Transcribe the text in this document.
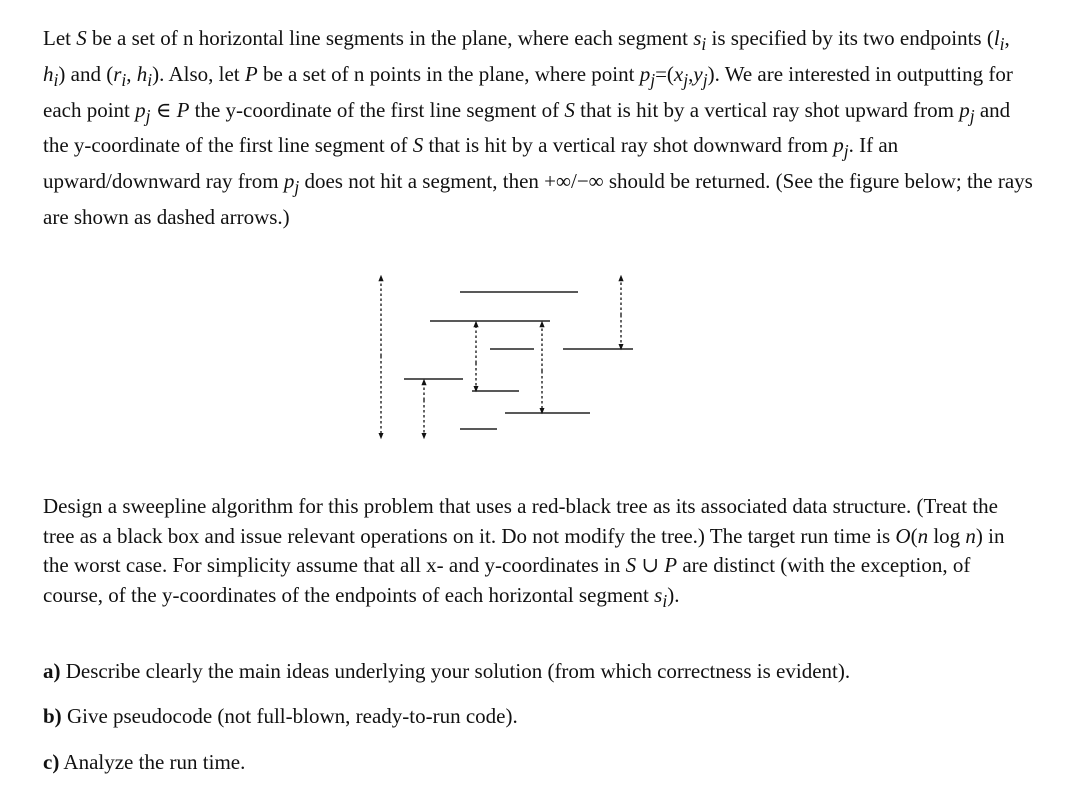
Let S be a set of n horizontal line segments in the plane, where each segment $s_i$ is specified by its two endpoints ($l_i$, $h_i$) and ($r_i$, $h_i$). Also, let P be a set of n points in the plane, where point $p_j=(x_j,y_j)$. We are interested in outputting for each point $p_j$ ∈ P the y-coordinate of the first line segment of S that is hit by a vertical ray shot upward from $p_j$ and the y-coordinate of the first line segment of S that is hit by a vertical ray shot downward from $p_j$. If an upward/downward ray from $p_j$ does not hit a segment, then +∞/−∞ should be returned. (See the figure below; the rays are shown as dashed arrows.)

Design a sweepline algorithm for this problem that uses a red-black tree as its associated data structure. (Treat the tree as a black box and issue relevant operations on it. Do not modify the tree.) The target run time is O(n log n) in the worst case. For simplicity assume that all x- and y-coordinates in S ∪ P are distinct (with the exception, of course, of the y-coordinates of the endpoints of each horizontal segment $s_i$).

a) Describe clearly the main ideas underlying your solution (from which correctness is evident).

b) Give pseudocode (not full-blown, ready-to-run code).

c) Analyze the run time.
